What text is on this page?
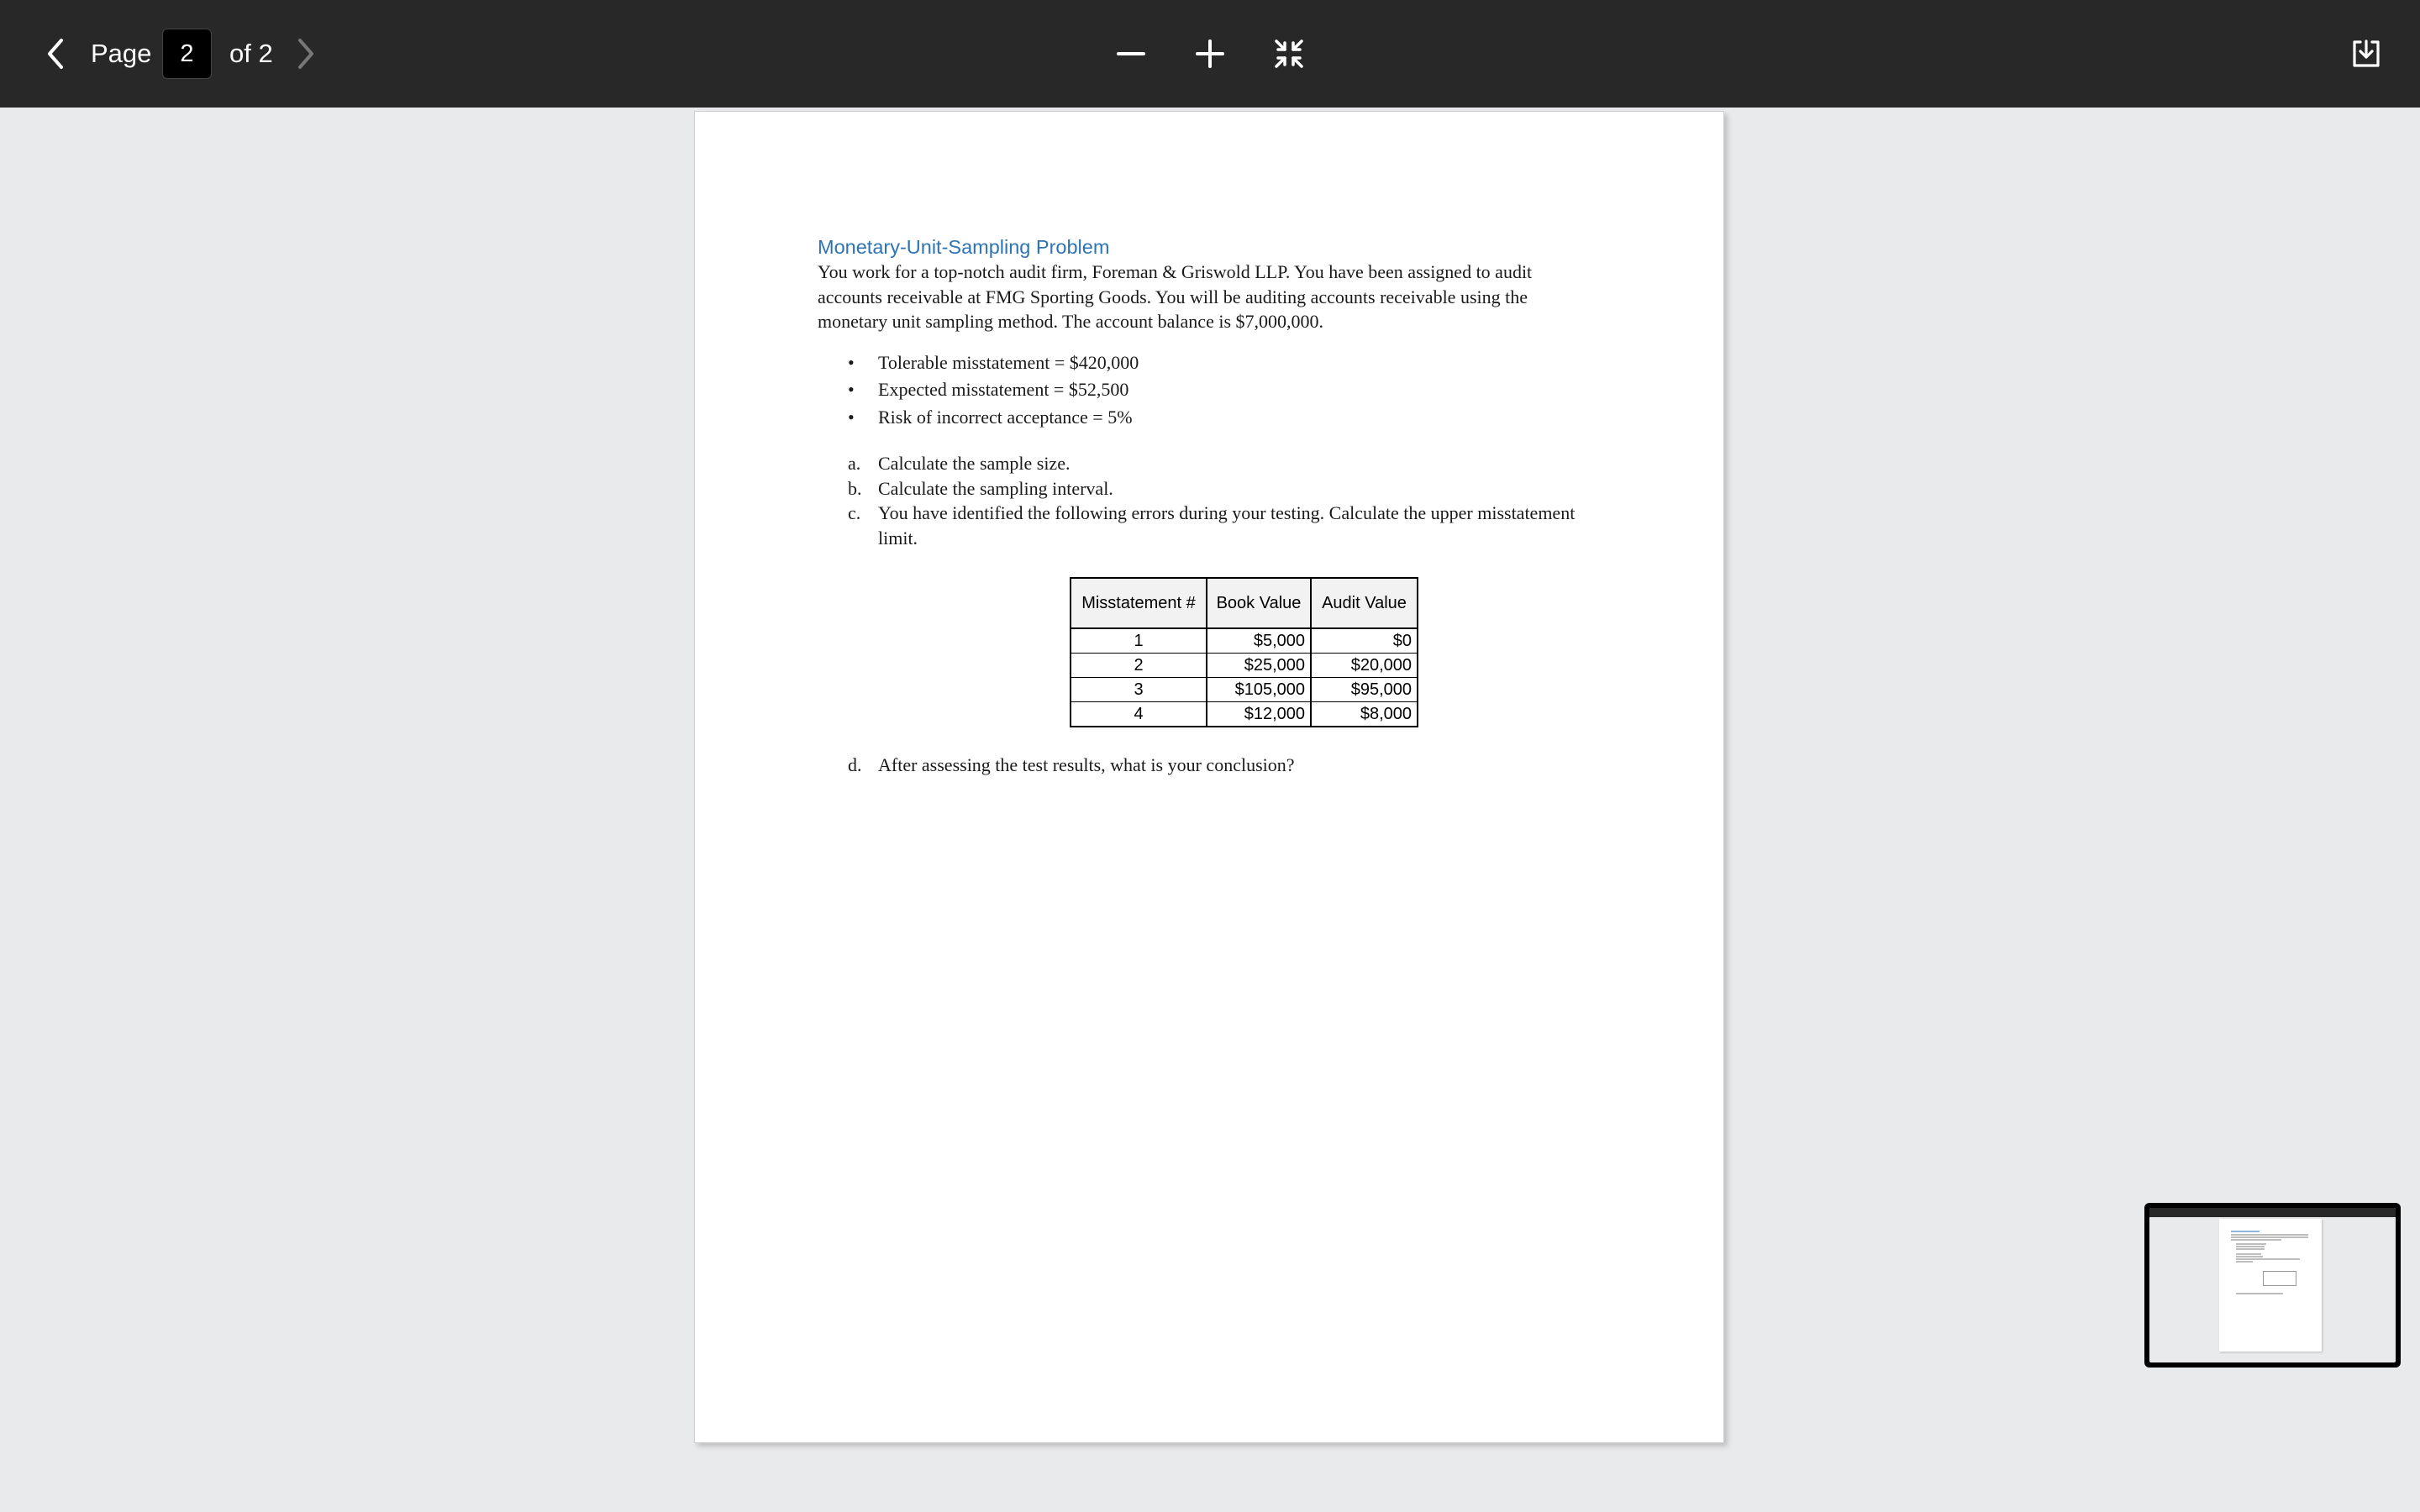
Page
2	of 2

Monetary-Unit-Sampling Problem

You work for a top-notch audit firm, Foreman & Griswold LLP. You have been assigned to audit accounts receivable at FMG Sporting Goods. You will be auditing accounts receivable using the monetary unit sampling method. The account balance is $7,000,000.

• Tolerable misstatement = $420,000
• Expected misstatement = $52,500
• Risk of incorrect acceptance = 5%
a. Calculate the sample size.
b. Calculate the sampling interval.
c. You have identified the following errors during your testing. Calculate the upper misstatement limit.
Misstatement #	Book Value	Audit Value
1	$5,000	$0
2	$25,000	$20,000
3	$105,000	$95,000
4	$12,000	$8,000
d. After assessing the test results, what is your conclusion?
